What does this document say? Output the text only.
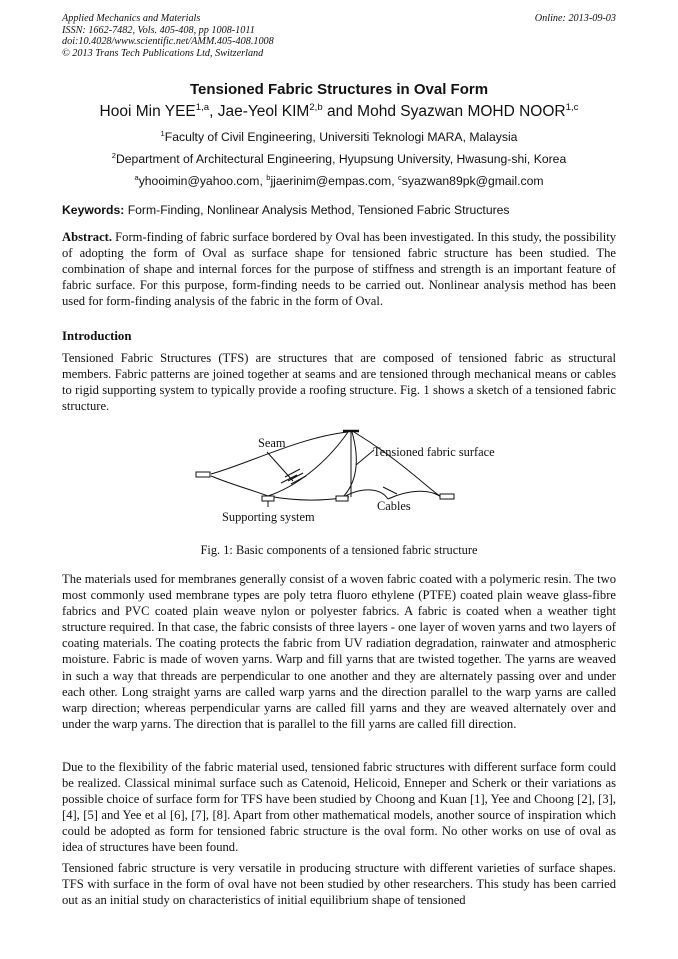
Applied Mechanics and Materials
ISSN: 1662-7482, Vols. 405-408, pp 1008-1011
doi:10.4028/www.scientific.net/AMM.405-408.1008
© 2013 Trans Tech Publications Ltd, Switzerland
Online: 2013-09-03
Tensioned Fabric Structures in Oval Form
Hooi Min YEE$^{1,a}$, Jae-Yeol KIM$^{2,b}$ and Mohd Syazwan MOHD NOOR$^{1,c}$
$^1$Faculty of Civil Engineering, Universiti Teknologi MARA, Malaysia
$^2$Department of Architectural Engineering, Hyupsung University, Hwasung-shi, Korea
$^a$yhooimin@yahoo.com, $^b$jjaerinim@empas.com, $^c$syazwan89pk@gmail.com
Keywords: Form-Finding, Nonlinear Analysis Method, Tensioned Fabric Structures
Abstract. Form-finding of fabric surface bordered by Oval has been investigated. In this study, the possibility of adopting the form of Oval as surface shape for tensioned fabric structure has been studied. The combination of shape and internal forces for the purpose of stiffness and strength is an important feature of fabric surface. For this purpose, form-finding needs to be carried out. Nonlinear analysis method has been used for form-finding analysis of the fabric in the form of Oval.
Introduction
Tensioned Fabric Structures (TFS) are structures that are composed of tensioned fabric as structural members. Fabric patterns are joined together at seams and are tensioned through mechanical means or cables to rigid supporting system to typically provide a roofing structure. Fig. 1 shows a sketch of a tensioned fabric structure.
Seam
Tensioned fabric surface
Cables
Supporting system
Fig. 1: Basic components of a tensioned fabric structure
The materials used for membranes generally consist of a woven fabric coated with a polymeric resin. The two most commonly used membrane types are poly tetra fluoro ethylene (PTFE) coated plain weave glass-fibre fabrics and PVC coated plain weave nylon or polyester fabrics. A fabric is coated when a weather tight structure required. In that case, the fabric consists of three layers - one layer of woven yarns and two layers of coating materials. The coating protects the fabric from UV radiation degradation, rainwater and atmospheric moisture. Fabric is made of woven yarns. Warp and fill yarns that are twisted together. The yarns are weaved in such a way that threads are perpendicular to one another and they are alternately passing over and under each other. Long straight yarns are called warp yarns and the direction parallel to the warp yarns are called warp direction; whereas perpendicular yarns are called fill yarns and they are weaved alternately over and under the warp yarns. The direction that is parallel to the fill yarns are called fill direction.
Due to the flexibility of the fabric material used, tensioned fabric structures with different surface form could be realized. Classical minimal surface such as Catenoid, Helicoid, Enneper and Scherk or their variations as possible choice of surface form for TFS have been studied by Choong and Kuan [1], Yee and Choong [2], [3], [4], [5] and Yee et al [6], [7], [8]. Apart from other mathematical models, another source of inspiration which could be adopted as form for tensioned fabric structure is the oval form. No other works on use of oval as idea of structures have been found.
Tensioned fabric structure is very versatile in producing structure with different varieties of surface shapes. TFS with surface in the form of oval have not been studied by other researchers. This study has been carried out as an initial study on characteristics of initial equilibrium shape of tensioned
